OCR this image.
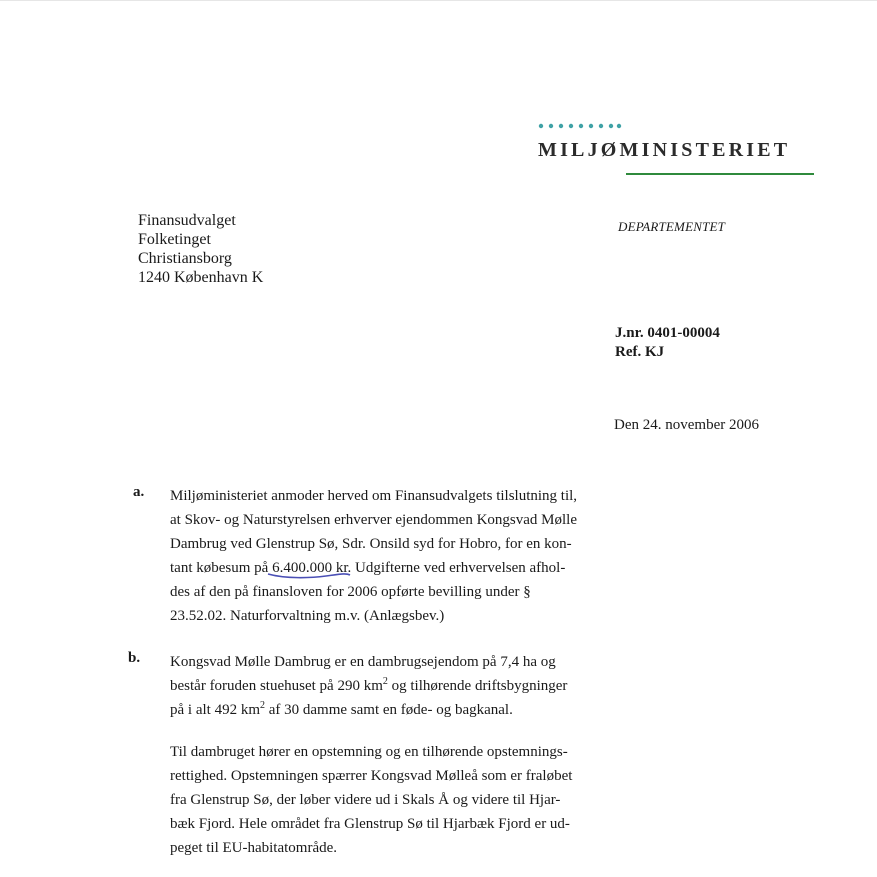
MILJØMINISTERIET
Finansudvalget
Folketinget
Christiansborg
1240 København K
DEPARTEMENTET
J.nr. 0401-00004
Ref. KJ
Den 24. november 2006
a. Miljøministeriet anmoder herved om Finansudvalgets tilslutning til,
at Skov- og Naturstyrelsen erhverver ejendommen Kongsvad Mølle
Dambrug ved Glenstrup Sø, Sdr. Onsild syd for Hobro, for en kon-
tant købesum på 6.400.000
kr. Udgifterne ved erhvervelsen afhol-
des af den på finansloven for 2006 opførte bevilling under §
23.52.02. Naturforvaltning m.v. (Anlægsbev.)
b. Kongsvad Mølle Dambrug er en dambrugsejendom på 7,4 ha og
består foruden stuehuset på 290 $km^2$ og tilhørende driftsbygninger
på i alt 492 $km^2$ af 30 damme samt en føde- og bagkanal.
Til dambruget hører en opstemning og en tilhørende opstemnings-
rettighed. Opstemningen spærrer Kongsvad Mølleå som er fraløbet
fra Glenstrup Sø, der løber videre ud i Skals Å og videre til Hjar-
bæk Fjord. Hele området fra Glenstrup Sø til Hjarbæk Fjord er ud-
peget til EU-habitatområde.
